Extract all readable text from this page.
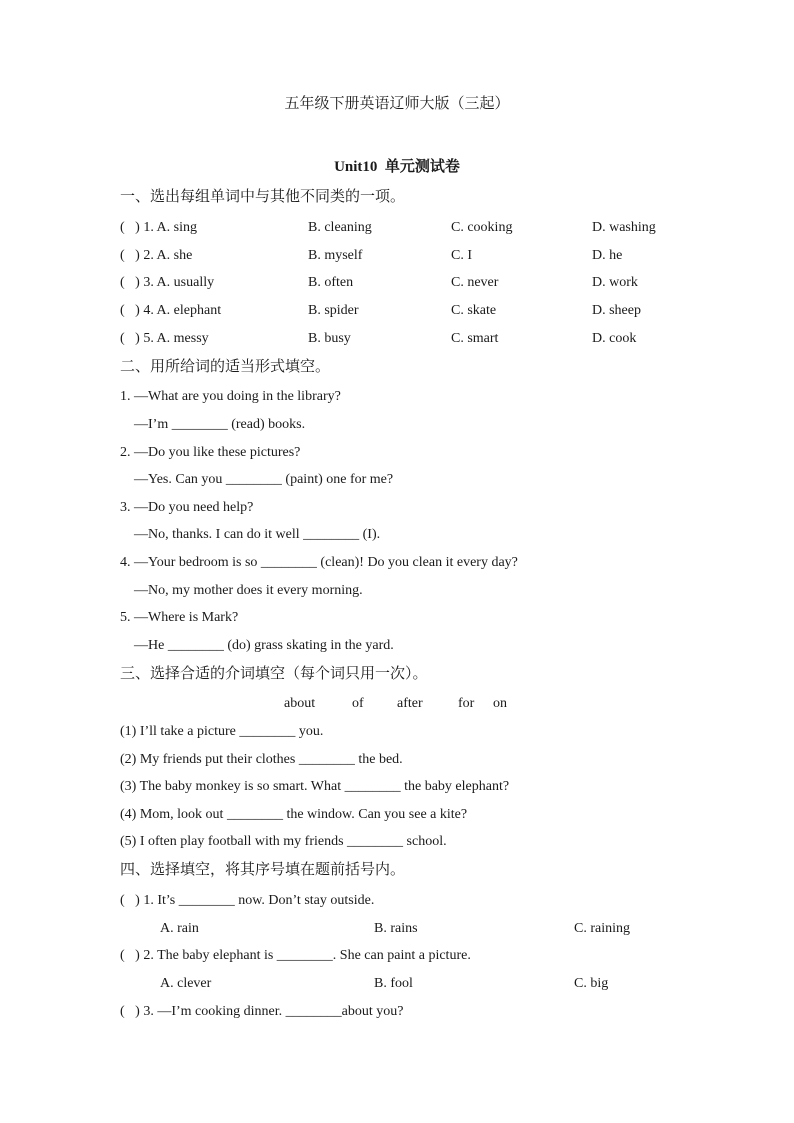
五年级下册英语辽师大版（三起）
Unit10  单元测试卷
一、选出每组单词中与其他不同类的一项。
(   ) 1. A. sing	B. cleaning	C. cooking	D. washing
(   ) 2. A. she	B. myself	C. I	D. he
(   ) 3. A. usually	B. often	C. never	D. work
(   ) 4. A. elephant	B. spider	C. skate	D. sheep
(   ) 5. A. messy	B. busy	C. smart	D. cook
二、用所给词的适当形式填空。
1. —What are you doing in the library?
—I’m ________ (read) books.
2. —Do you like these pictures?
—Yes. Can you ________ (paint) one for me?
3. —Do you need help?
—No, thanks. I can do it well ________ (I).
4. —Your bedroom is so ________ (clean)! Do you clean it every day?
—No, my mother does it every morning.
5. —Where is Mark?
—He ________ (do) grass skating in the yard.
三、选择合适的介词填空（每个词只用一次）。
about	of after	for on
(1) I’ll take a picture ________ you.
(2) My friends put their clothes ________ the bed.
(3) The baby monkey is so smart. What ________ the baby elephant?
(4) Mom, look out ________ the window. Can you see a kite?
(5) I often play football with my friends ________ school.
四、选择填空，将其序号填在题前括号内。
(   ) 1. It’s ________ now. Don’t stay outside.
A. rain	B. rains	C. raining
(   ) 2. The baby elephant is ________. She can paint a picture.
A. clever	B. fool	C. big
(   ) 3. —I’m cooking dinner. ________about you?
